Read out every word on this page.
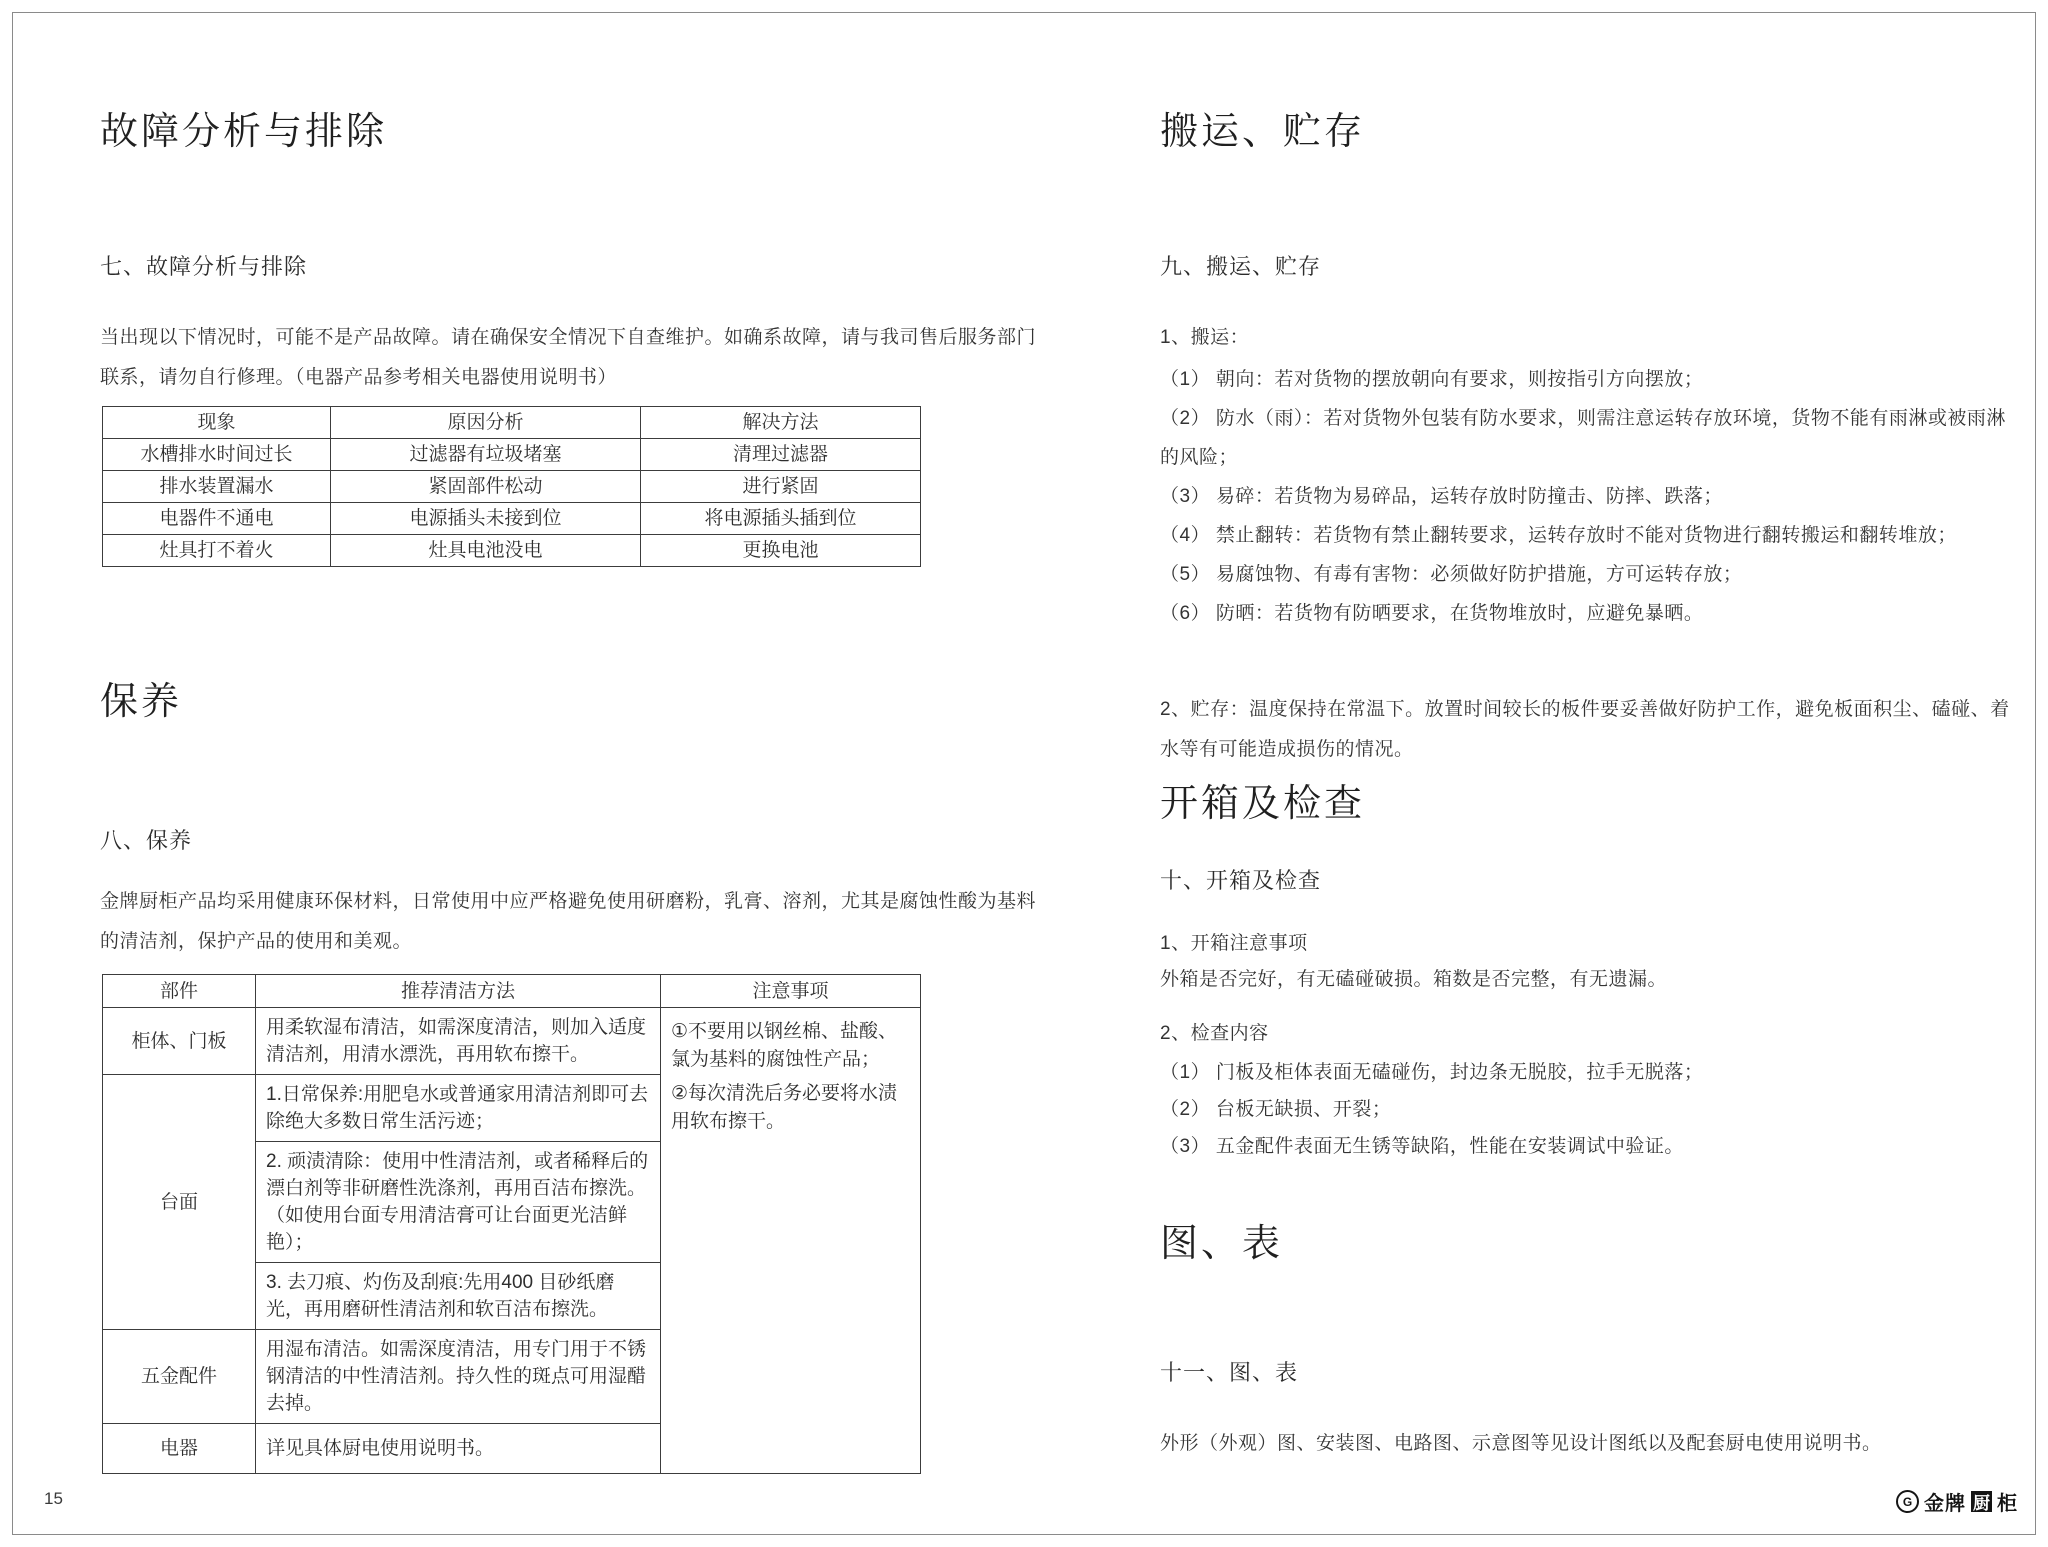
故障分析与排除
七、故障分析与排除

当出现以下情况时，可能不是产品故障。请在确保安全情况下自查维护。如确系故障，请与我司售后服务部门联系，请勿自行修理。（电器产品参考相关电器使用说明书）

现象	原因分析	解决方法
水槽排水时间过长	过滤器有垃圾堵塞	清理过滤器
排水装置漏水	紧固部件松动	进行紧固
电器件不通电	电源插头未接到位	将电源插头插到位
灶具打不着火	灶具电池没电	更换电池
保养
八、保养

金牌厨柜产品均采用健康环保材料，日常使用中应严格避免使用研磨粉，乳膏、溶剂，尤其是腐蚀性酸为基料的清洁剂，保护产品的使用和美观。

部件	推荐清洁方法	注意事项
柜体、门板	用柔软湿布清洁，如需深度清洁，则加入适度清洁剂，用清水漂洗，再用软布擦干。	①不要用以钢丝棉、盐酸、氯为基料的腐蚀性产品；

②每次清洗后务必要将水渍用软布擦干。

台面	1.日常保养:用肥皂水或普通家用清洁剂即可去除绝大多数日常生活污迹；	
	2. 顽渍清除：使用中性清洁剂，或者稀释后的漂白剂等非研磨性洗涤剂，再用百洁布擦洗。（如使用台面专用清洁膏可让台面更光洁鲜艳）；	
	3. 去刀痕、灼伤及刮痕:先用400 目砂纸磨光，再用磨研性清洁剂和软百洁布擦洗。	
五金配件	用湿布清洁。如需深度清洁，用专门用于不锈钢清洁的中性清洁剂。持久性的斑点可用湿醋去掉。	
电器	详见具体厨电使用说明书。	
搬运、贮存
九、搬运、贮存

1、搬运：

（1） 朝向：若对货物的摆放朝向有要求，则按指引方向摆放；

（2） 防水（雨）：若对货物外包装有防水要求，则需注意运转存放环境，货物不能有雨淋或被雨淋的风险；

（3） 易碎：若货物为易碎品，运转存放时防撞击、防摔、跌落；

（4） 禁止翻转：若货物有禁止翻转要求，运转存放时不能对货物进行翻转搬运和翻转堆放；

（5） 易腐蚀物、有毒有害物：必须做好防护措施，方可运转存放；

（6） 防晒：若货物有防晒要求，在货物堆放时，应避免暴晒。

2、贮存：温度保持在常温下。放置时间较长的板件要妥善做好防护工作，避免板面积尘、磕碰、着水等有可能造成损伤的情况。

开箱及检查
十、开箱及检查

1、开箱注意事项

外箱是否完好，有无磕碰破损。箱数是否完整，有无遗漏。

2、检查内容

（1） 门板及柜体表面无磕碰伤，封边条无脱胶，拉手无脱落；

（2） 台板无缺损、开裂；

（3） 五金配件表面无生锈等缺陷，性能在安装调试中验证。

图、表
十一、图、表

外形（外观）图、安装图、电路图、示意图等见设计图纸以及配套厨电使用说明书。

15	G 金牌 厨 柜
